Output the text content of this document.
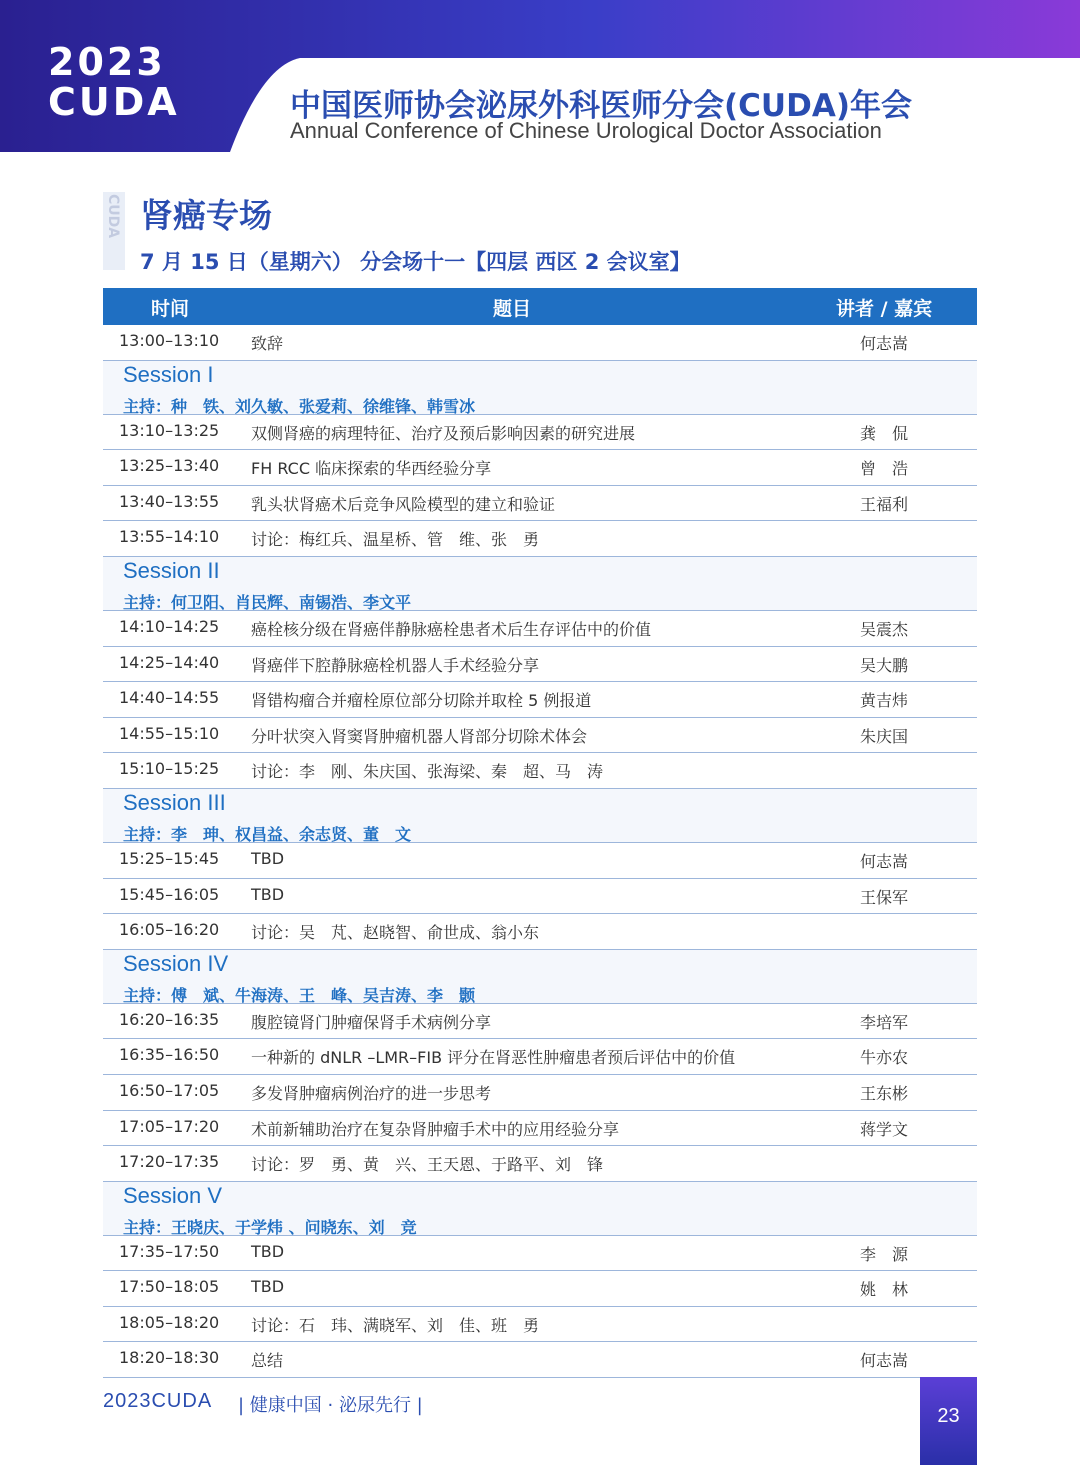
2023
CUDA	中国医师协会泌尿外科医师分会(CUDA)年会
Annual Conference of Chinese Urological Doctor Association
CUDA 肾癌专场
7 月 15 日（星期六） 分会场十一【四层 西区 2 会议室】
时间	题目	讲者 / 嘉宾
13:00–13:10 致辞	何志嵩
Session I
主持：种　铁、刘久敏、张爱莉、徐维锋、韩雪冰
13:10–13:25 双侧肾癌的病理特征、治疗及预后影响因素的研究进展	龚　侃
13:25–13:40 FH RCC 临床探索的华西经验分享	曾　浩
13:40–13:55 乳头状肾癌术后竞争风险模型的建立和验证	王福利
13:55–14:10 讨论：梅红兵、温星桥、管　维、张　勇
Session II
主持：何卫阳、肖民辉、南锡浩、李文平
14:10–14:25 癌栓核分级在肾癌伴静脉癌栓患者术后生存评估中的价值	吴震杰
14:25–14:40 肾癌伴下腔静脉癌栓机器人手术经验分享	吴大鹏
14:40–14:55 肾错构瘤合并瘤栓原位部分切除并取栓 5 例报道	黄吉炜
14:55–15:10 分叶状突入肾窦肾肿瘤机器人肾部分切除术体会	朱庆国
15:10–15:25 讨论：李　刚、朱庆国、张海梁、秦　超、马　涛
Session III
主持：李　珅、权昌益、余志贤、董　文
15:25–15:45 TBD	何志嵩
15:45–16:05 TBD	王保军
16:05–16:20 讨论：吴　芃、赵晓智、俞世成、翁小东
Session IV
主持：傅　斌、牛海涛、王　峰、吴吉涛、李　颢
16:20–16:35 腹腔镜肾门肿瘤保肾手术病例分享	李培军
16:35–16:50 一种新的 dNLR –LMR–FIB 评分在肾恶性肿瘤患者预后评估中的价值	牛亦农
16:50–17:05 多发肾肿瘤病例治疗的进一步思考	王东彬
17:05–17:20 术前新辅助治疗在复杂肾肿瘤手术中的应用经验分享	蒋学文
17:20–17:35 讨论：罗　勇、黄　兴、王天恩、于路平、刘　锋
Session V
主持：王晓庆、于学炜 、问晓东、刘　竞
17:35–17:50 TBD	李　源
17:50–18:05 TBD	姚　林
18:05–18:20 讨论：石　玮、满晓军、刘　佳、班　勇
18:20–18:30 总结	何志嵩
2023CUDA | 健康中国 · 泌尿先行 |	23
